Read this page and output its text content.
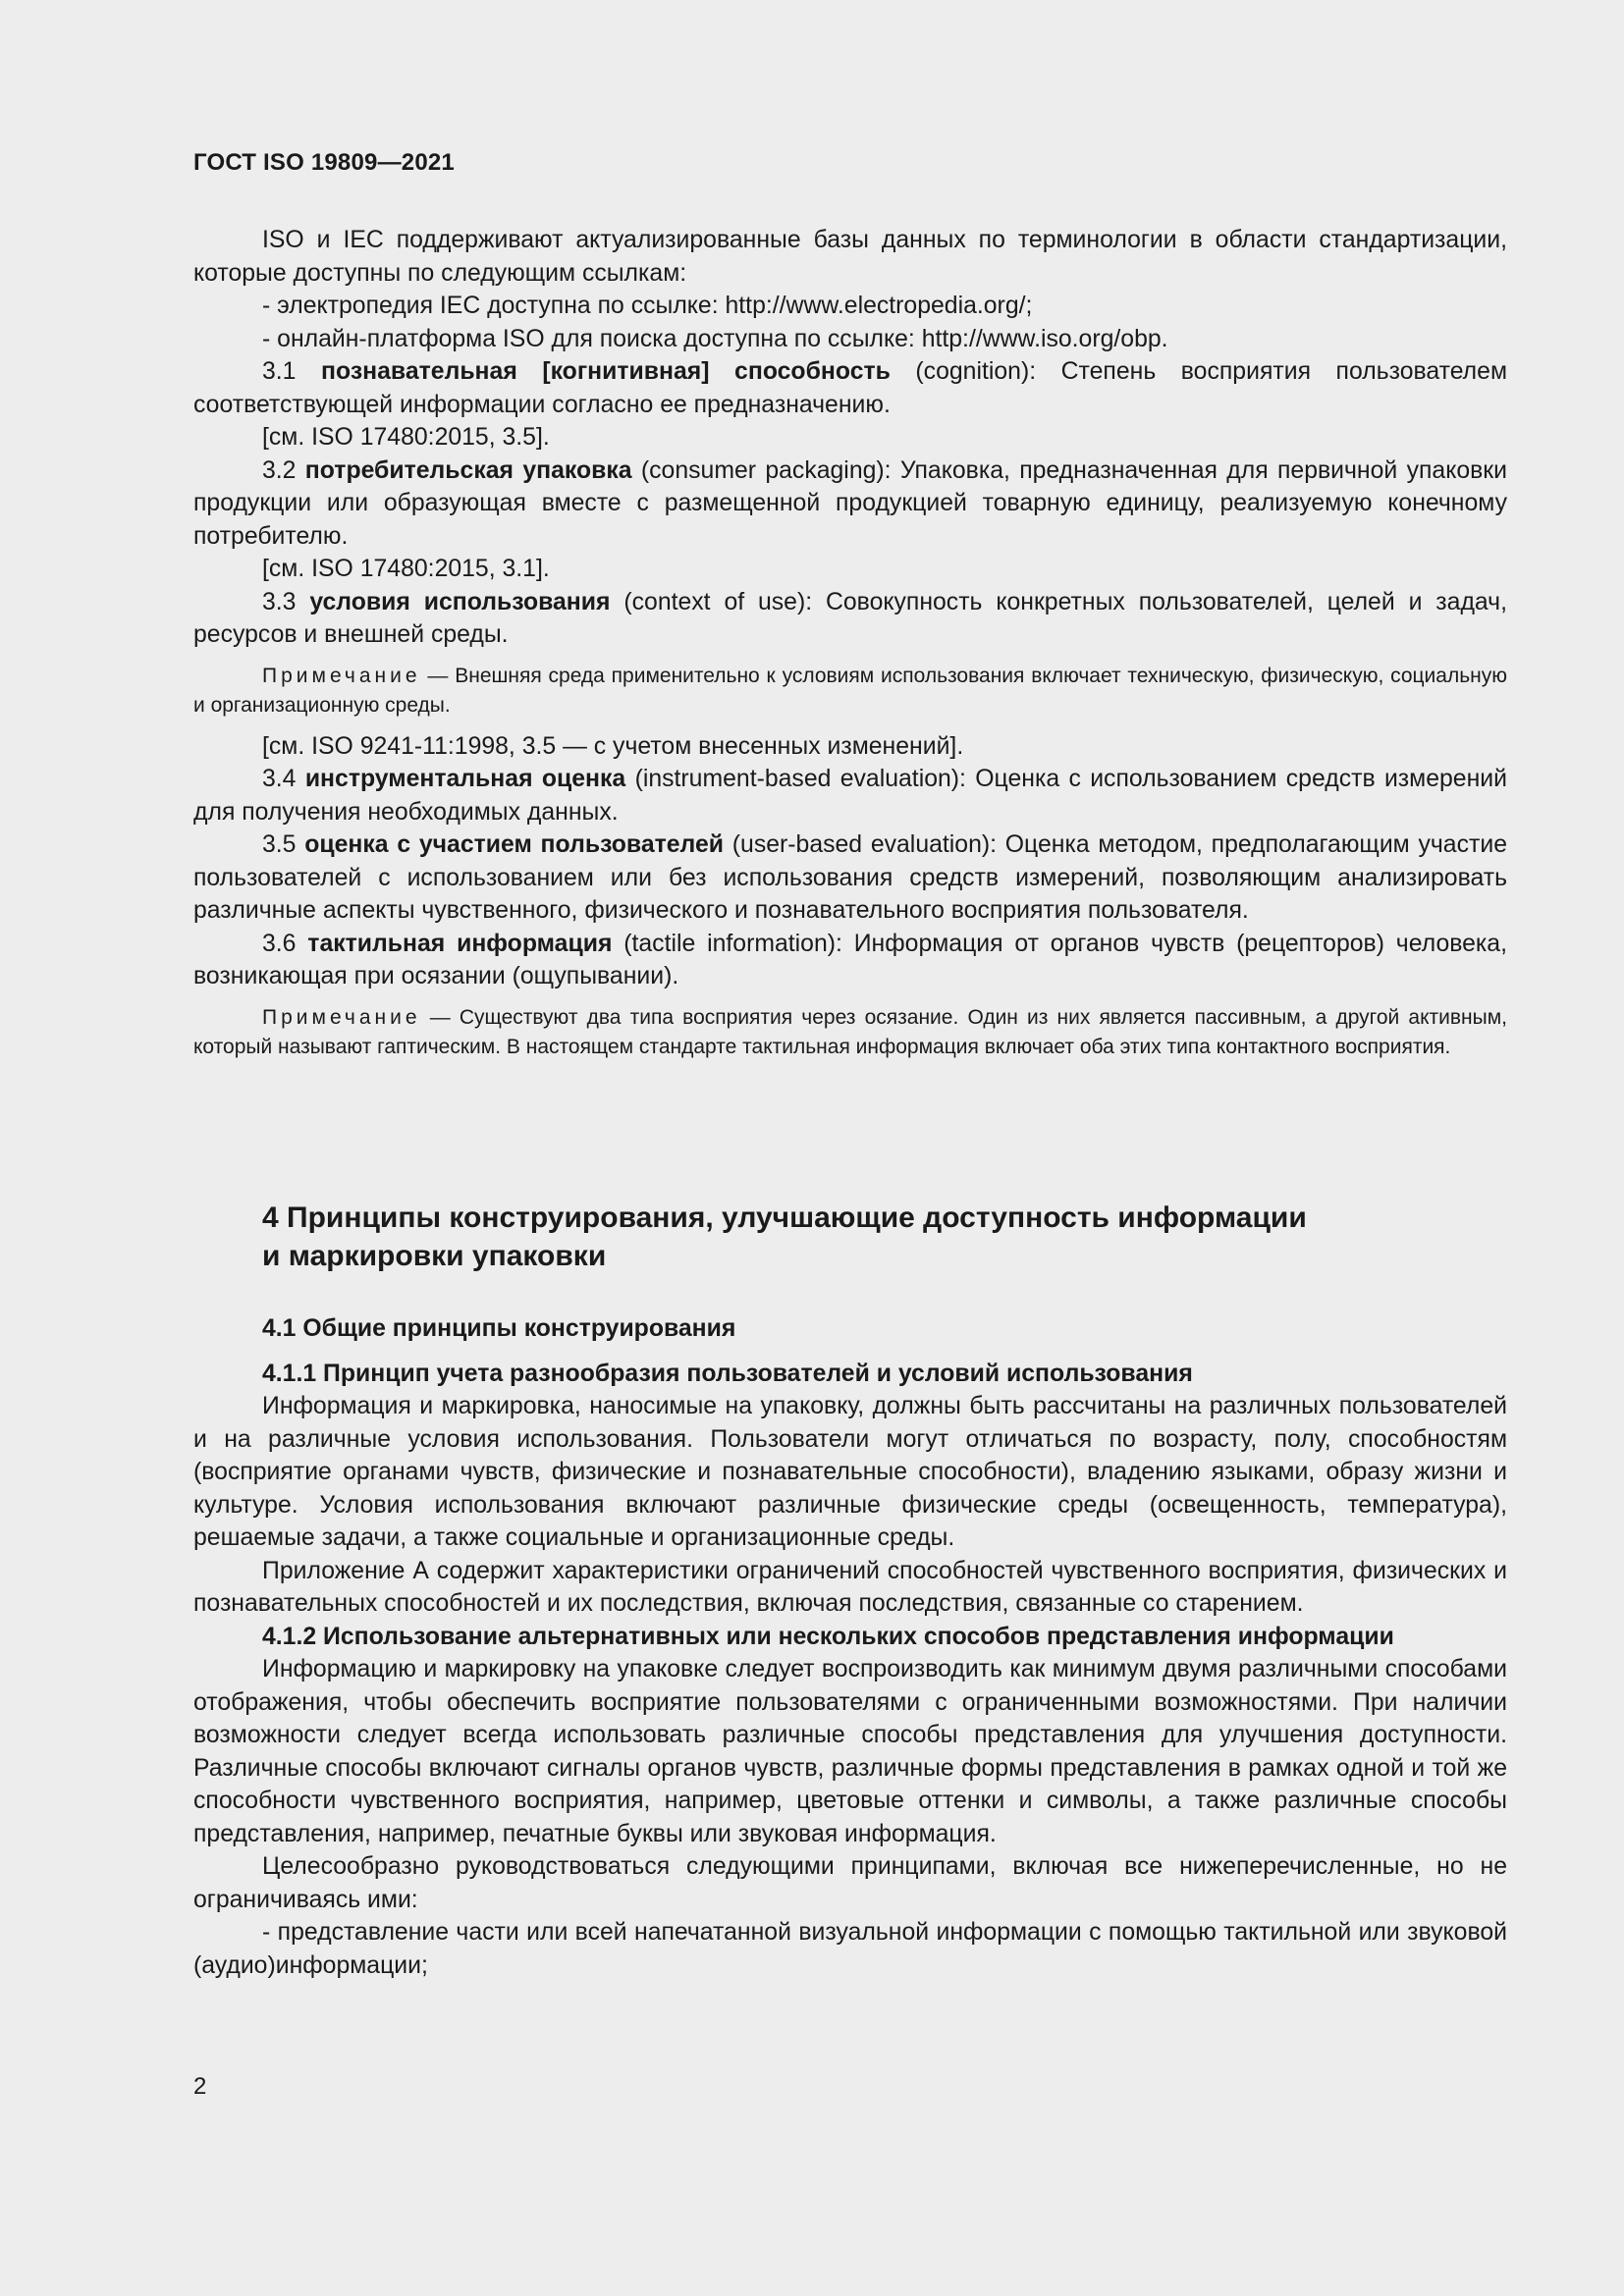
ГОСТ ISO 19809—2021

ISO и IEC поддерживают актуализированные базы данных по терминологии в области стандартизации, которые доступны по следующим ссылкам:

- электропедия IEC доступна по ссылке: http://www.electropedia.org/;

- онлайн-платформа ISO для поиска доступна по ссылке: http://www.iso.org/obp.

3.1 познавательная [когнитивная] способность (cognition): Степень восприятия пользователем соответствующей информации согласно ее предназначению.

[см. ISO 17480:2015, 3.5].

3.2 потребительская упаковка (consumer packaging): Упаковка, предназначенная для первичной упаковки продукции или образующая вместе с размещенной продукцией товарную единицу, реализуемую конечному потребителю.

[см. ISO 17480:2015, 3.1].

3.3 условия использования (context of use): Совокупность конкретных пользователей, целей и задач, ресурсов и внешней среды.

Примечание — Внешняя среда применительно к условиям использования включает техническую, физическую, социальную и организационную среды.

[см. ISO 9241-11:1998, 3.5 — с учетом внесенных изменений].

3.4 инструментальная оценка (instrument-based evaluation): Оценка с использованием средств измерений для получения необходимых данных.

3.5 оценка с участием пользователей (user-based evaluation): Оценка методом, предполагающим участие пользователей с использованием или без использования средств измерений, позволяющим анализировать различные аспекты чувственного, физического и познавательного восприятия пользователя.

3.6 тактильная информация (tactile information): Информация от органов чувств (рецепторов) человека, возникающая при осязании (ощупывании).

Примечание — Существуют два типа восприятия через осязание. Один из них является пассивным, а другой активным, который называют гаптическим. В настоящем стандарте тактильная информация включает оба этих типа контактного восприятия.

4 Принципы конструирования, улучшающие доступность информации
и маркировки упаковки

4.1 Общие принципы конструирования

4.1.1 Принцип учета разнообразия пользователей и условий использования

Информация и маркировка, наносимые на упаковку, должны быть рассчитаны на различных пользователей и на различные условия использования. Пользователи могут отличаться по возрасту, полу, способностям (восприятие органами чувств, физические и познавательные способности), владению языками, образу жизни и культуре. Условия использования включают различные физические среды (освещенность, температура), решаемые задачи, а также социальные и организационные среды.

Приложение А содержит характеристики ограничений способностей чувственного восприятия, физических и познавательных способностей и их последствия, включая последствия, связанные со старением.

4.1.2 Использование альтернативных или нескольких способов представления информации

Информацию и маркировку на упаковке следует воспроизводить как минимум двумя различными способами отображения, чтобы обеспечить восприятие пользователями с ограниченными возможностями. При наличии возможности следует всегда использовать различные способы представления для улучшения доступности. Различные способы включают сигналы органов чувств, различные формы представления в рамках одной и той же способности чувственного восприятия, например, цветовые оттенки и символы, а также различные способы представления, например, печатные буквы или звуковая информация.

Целесообразно руководствоваться следующими принципами, включая все нижеперечисленные, но не ограничиваясь ими:

- представление части или всей напечатанной визуальной информации с помощью тактильной или звуковой (аудио)информации;

2
